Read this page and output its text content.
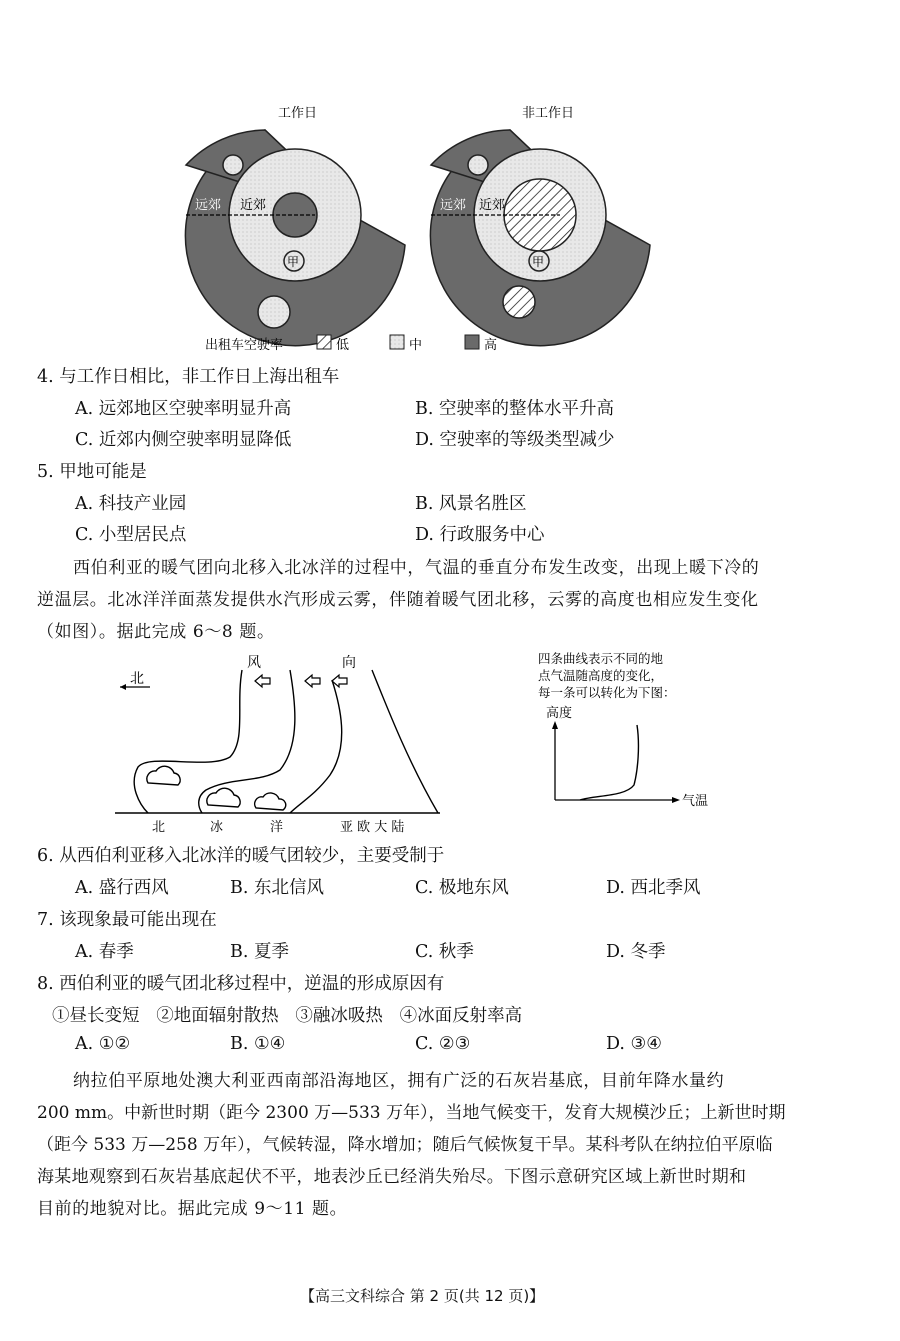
工作日
远郊 近郊
甲
非工作日
远郊 近郊
甲
出租车空驶率	低	中	高
4. 与工作日相比，非工作日上海出租车
A. 远郊地区空驶率明显升高	B. 空驶率的整体水平升高
C. 近郊内侧空驶率明显降低	D. 空驶率的等级类型减少
5. 甲地可能是
A. 科技产业园	B. 风景名胜区
C. 小型居民点	D. 行政服务中心
西伯利亚的暖气团向北移入北冰洋的过程中，气温的垂直分布发生改变，出现上暖下冷的
逆温层。北冰洋洋面蒸发提供水汽形成云雾，伴随着暖气团北移，云雾的高度也相应发生变化
（如图）。据此完成 6～8 题。
北
风	向
北	冰	洋	亚 欧 大 陆
四条曲线表示不同的地
点气温随高度的变化，
每一条可以转化为下图：
高度
气温
6. 从西伯利亚移入北冰洋的暖气团较少，主要受制于
A. 盛行西风	B. 东北信风	C. 极地东风	D. 西北季风
7. 该现象最可能出现在
A. 春季	B. 夏季	C. 秋季	D. 冬季
8. 西伯利亚的暖气团北移过程中，逆温的形成原因有
①昼长变短   ②地面辐射散热   ③融冰吸热   ④冰面反射率高
A. ①②	B. ①④	C. ②③	D. ③④
纳拉伯平原地处澳大利亚西南部沿海地区，拥有广泛的石灰岩基底，目前年降水量约
200 mm。中新世时期（距今 2300 万—533 万年），当地气候变干，发育大规模沙丘；上新世时期
（距今 533 万—258 万年），气候转湿，降水增加；随后气候恢复干旱。某科考队在纳拉伯平原临
海某地观察到石灰岩基底起伏不平，地表沙丘已经消失殆尽。下图示意研究区域上新世时期和
目前的地貌对比。据此完成 9～11 题。
【高三文科综合 第 2 页(共 12 页)】
